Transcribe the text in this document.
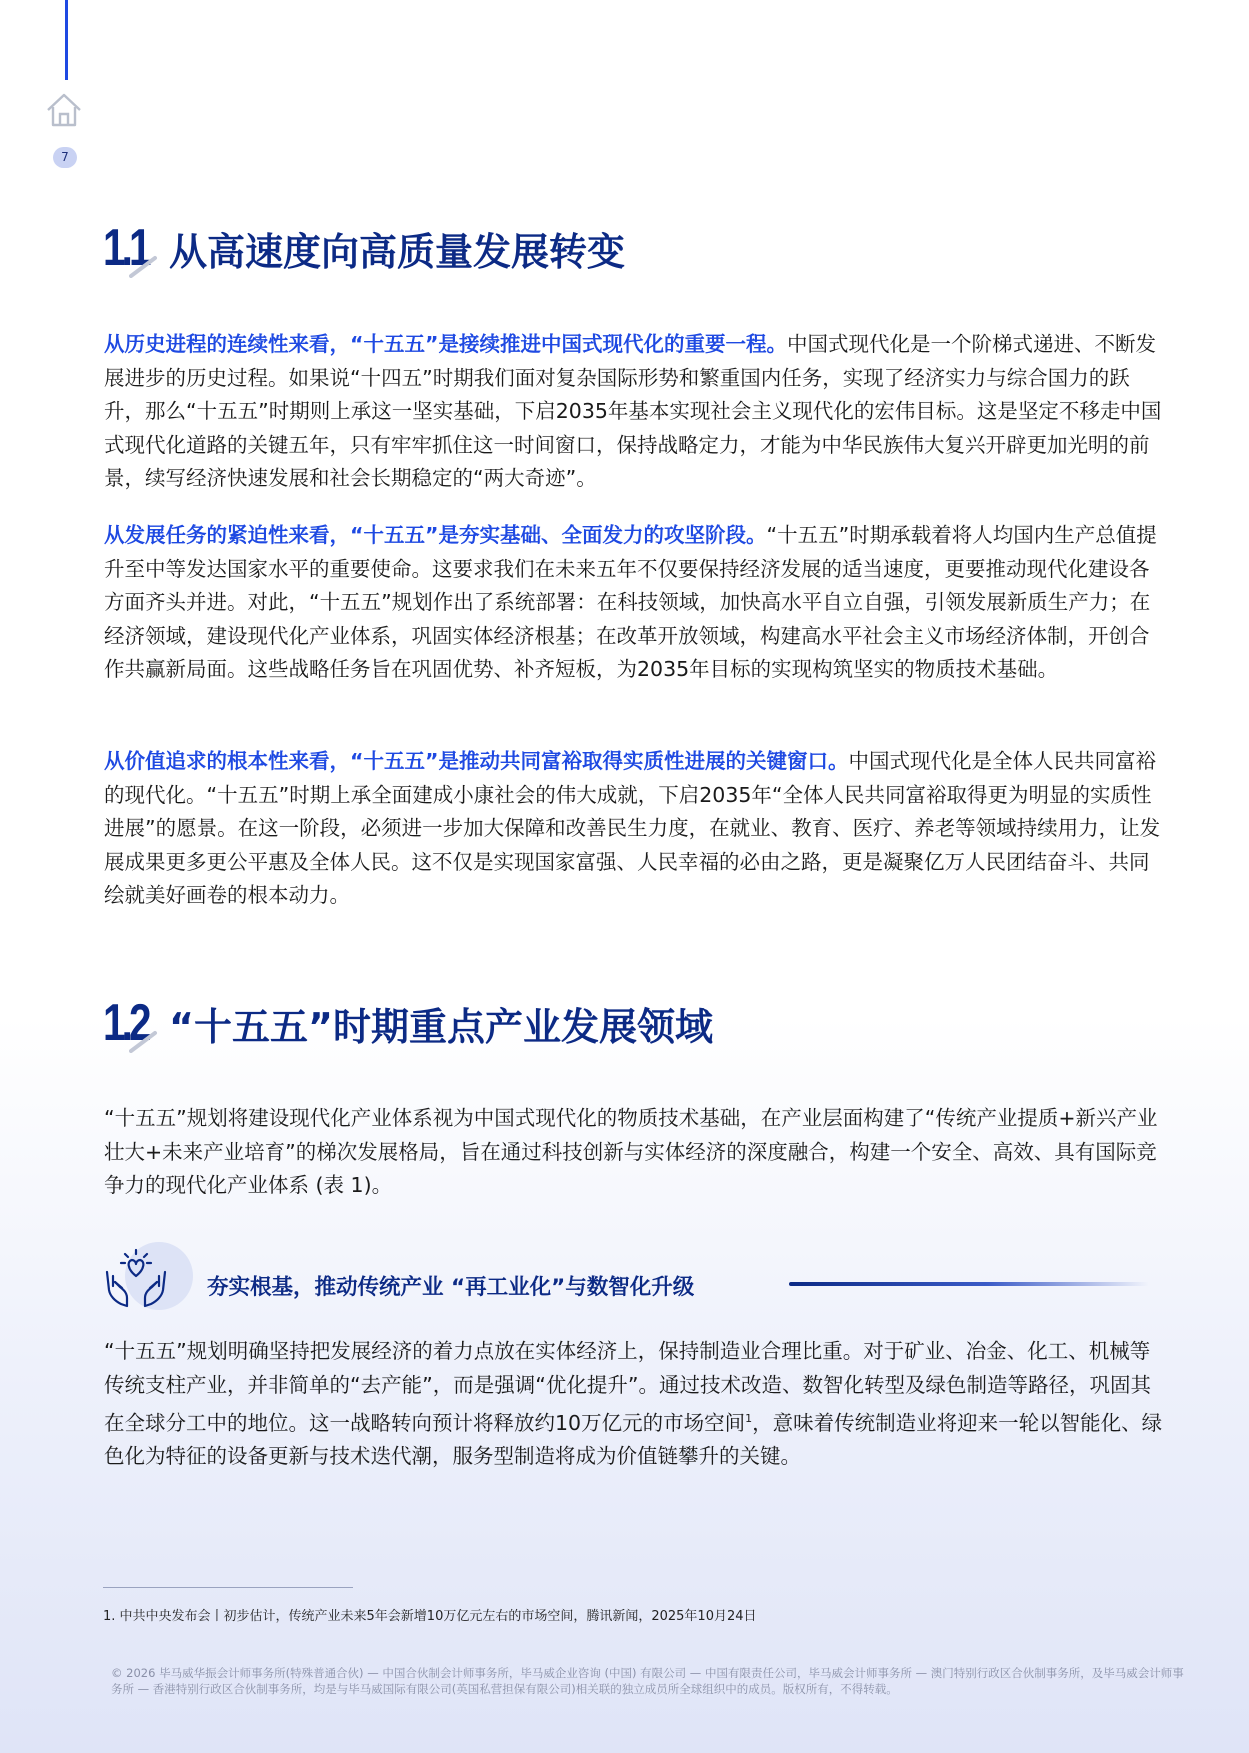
7
1.1 从高速度向高质量发展转变

从历史进程的连续性来看，“十五五”是接续推进中国式现代化的重要一程。中国式现代化是一个阶梯式递进、不断发展进步的历史过程。如果说“十四五”时期我们面对复杂国际形势和繁重国内任务，实现了经济实力与综合国力的跃升，那么“十五五”时期则上承这一坚实基础，下启2035年基本实现社会主义现代化的宏伟目标。这是坚定不移走中国式现代化道路的关键五年，只有牢牢抓住这一时间窗口，保持战略定力，才能为中华民族伟大复兴开辟更加光明的前景，续写经济快速发展和社会长期稳定的“两大奇迹”。

从发展任务的紧迫性来看，“十五五”是夯实基础、全面发力的攻坚阶段。“十五五”时期承载着将人均国内生产总值提升至中等发达国家水平的重要使命。这要求我们在未来五年不仅要保持经济发展的适当速度，更要推动现代化建设各方面齐头并进。对此，“十五五”规划作出了系统部署：在科技领域，加快高水平自立自强，引领发展新质生产力；在经济领域，建设现代化产业体系，巩固实体经济根基；在改革开放领域，构建高水平社会主义市场经济体制，开创合作共赢新局面。这些战略任务旨在巩固优势、补齐短板，为2035年目标的实现构筑坚实的物质技术基础。

从价值追求的根本性来看，“十五五”是推动共同富裕取得实质性进展的关键窗口。中国式现代化是全体人民共同富裕的现代化。“十五五”时期上承全面建成小康社会的伟大成就，下启2035年“全体人民共同富裕取得更为明显的实质性进展”的愿景。在这一阶段，必须进一步加大保障和改善民生力度，在就业、教育、医疗、养老等领域持续用力，让发展成果更多更公平惠及全体人民。这不仅是实现国家富强、人民幸福的必由之路，更是凝聚亿万人民团结奋斗、共同绘就美好画卷的根本动力。

1.2 “十五五”时期重点产业发展领域

“十五五”规划将建设现代化产业体系视为中国式现代化的物质技术基础，在产业层面构建了“传统产业提质+新兴产业壮大+未来产业培育”的梯次发展格局，旨在通过科技创新与实体经济的深度融合，构建一个安全、高效、具有国际竞争力的现代化产业体系 (表 1)。

夯实根基，推动传统产业 “再工业化”与数智化升级

“十五五”规划明确坚持把发展经济的着力点放在实体经济上，保持制造业合理比重。对于矿业、冶金、化工、机械等传统支柱产业，并非简单的“去产能”，而是强调“优化提升”。通过技术改造、数智化转型及绿色制造等路径，巩固其在全球分工中的地位。这一战略转向预计将释放约10万亿元的市场空间$^1$，意味着传统制造业将迎来一轮以智能化、绿色化为特征的设备更新与技术迭代潮，服务型制造将成为价值链攀升的关键。

1. 中共中央发布会丨初步估计，传统产业未来5年会新增10万亿元左右的市场空间，腾讯新闻，2025年10月24日
© 2026 毕马威华振会计师事务所(特殊普通合伙) — 中国合伙制会计师事务所，毕马威企业咨询 (中国) 有限公司 — 中国有限责任公司，毕马威会计师事务所 — 澳门特别行政区合伙制事务所，及毕马威会计师事务所 — 香港特别行政区合伙制事务所，均是与毕马威国际有限公司(英国私营担保有限公司)相关联的独立成员所全球组织中的成员。版权所有，不得转载。
